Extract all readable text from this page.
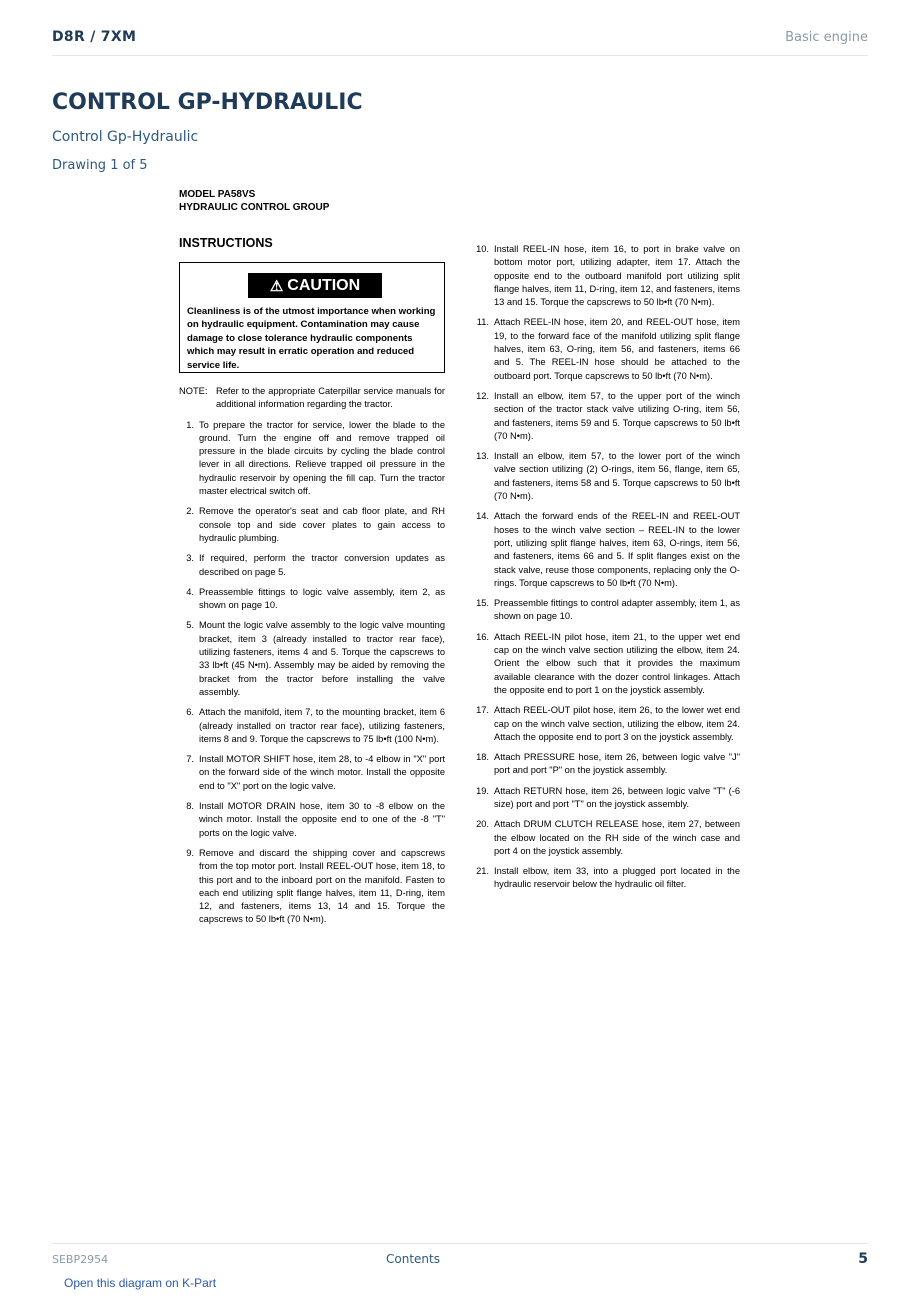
D8R / 7XM	Basic engine
CONTROL GP-HYDRAULIC
Control Gp-Hydraulic
Drawing 1 of 5
MODEL PA58VS
HYDRAULIC CONTROL GROUP
INSTRUCTIONS
⚠ CAUTION
Cleanliness is of the utmost importance when working on hydraulic equipment. Contamination may cause damage to close tolerance hydraulic components which may result in erratic operation and reduced service life.
NOTE: Refer to the appropriate Caterpillar service manuals for additional information regarding the tractor.
1. To prepare the tractor for service, lower the blade to the ground. Turn the engine off and remove trapped oil pressure in the blade circuits by cycling the blade control lever in all directions. Relieve trapped oil pressure in the hydraulic reservoir by opening the fill cap. Turn the tractor master electrical switch off.
2. Remove the operator's seat and cab floor plate, and RH console top and side cover plates to gain access to hydraulic plumbing.
3. If required, perform the tractor conversion updates as described on page 5.
4. Preassemble fittings to logic valve assembly, item 2, as shown on page 10.
5. Mount the logic valve assembly to the logic valve mounting bracket, item 3 (already installed to tractor rear face), utilizing fasteners, items 4 and 5. Torque the capscrews to 33 lb•ft (45 N•m). Assembly may be aided by removing the bracket from the tractor before installing the valve assembly.
6. Attach the manifold, item 7, to the mounting bracket, item 6 (already installed on tractor rear face), utilizing fasteners, items 8 and 9. Torque the capscrews to 75 lb•ft (100 N•m).
7. Install MOTOR SHIFT hose, item 28, to -4 elbow in "X" port on the forward side of the winch motor. Install the opposite end to "X" port on the logic valve.
8. Install MOTOR DRAIN hose, item 30 to -8 elbow on the winch motor. Install the opposite end to one of the -8 "T" ports on the logic valve.
9. Remove and discard the shipping cover and capscrews from the top motor port. Install REEL-OUT hose, item 18, to this port and to the inboard port on the manifold. Fasten to each end utilizing split flange halves, item 11, D-ring, item 12, and fasteners, items 13, 14 and 15. Torque the capscrews to 50 lb•ft (70 N•m).
10. Install REEL-IN hose, item 16, to port in brake valve on bottom motor port, utilizing adapter, item 17. Attach the opposite end to the outboard manifold port utilizing split flange halves, item 11, D-ring, item 12, and fasteners, items 13 and 15. Torque the capscrews to 50 lb•ft (70 N•m).
11. Attach REEL-IN hose, item 20, and REEL-OUT hose, item 19, to the forward face of the manifold utilizing split flange halves, item 63, O-ring, item 56, and fasteners, items 66 and 5. The REEL-IN hose should be attached to the outboard port. Torque capscrews to 50 lb•ft (70 N•m).
12. Install an elbow, item 57, to the upper port of the winch section of the tractor stack valve utilizing O-ring, item 56, and fasteners, items 59 and 5. Torque capscrews to 50 lb•ft (70 N•m).
13. Install an elbow, item 57, to the lower port of the winch valve section utilizing (2) O-rings, item 56, flange, item 65, and fasteners, items 58 and 5. Torque capscrews to 50 lb•ft (70 N•m).
14. Attach the forward ends of the REEL-IN and REEL-OUT hoses to the winch valve section – REEL-IN to the lower port, utilizing split flange halves, item 63, O-rings, item 56, and fasteners, items 66 and 5. If split flanges exist on the stack valve, reuse those components, replacing only the O-rings. Torque capscrews to 50 lb•ft (70 N•m).
15. Preassemble fittings to control adapter assembly, item 1, as shown on page 10.
16. Attach REEL-IN pilot hose, item 21, to the upper wet end cap on the winch valve section utilizing the elbow, item 24. Orient the elbow such that it provides the maximum available clearance with the dozer control linkages. Attach the opposite end to port 1 on the joystick assembly.
17. Attach REEL-OUT pilot hose, item 26, to the lower wet end cap on the winch valve section, utilizing the elbow, item 24. Attach the opposite end to port 3 on the joystick assembly.
18. Attach PRESSURE hose, item 26, between logic valve "J" port and port "P" on the joystick assembly.
19. Attach RETURN hose, item 26, between logic valve "T" (-6 size) port and port "T" on the joystick assembly.
20. Attach DRUM CLUTCH RELEASE hose, item 27, between the elbow located on the RH side of the winch case and port 4 on the joystick assembly.
21. Install elbow, item 33, into a plugged port located in the hydraulic reservoir below the hydraulic oil filter.
SEBP2954	Contents	5
Open this diagram on K-Part
